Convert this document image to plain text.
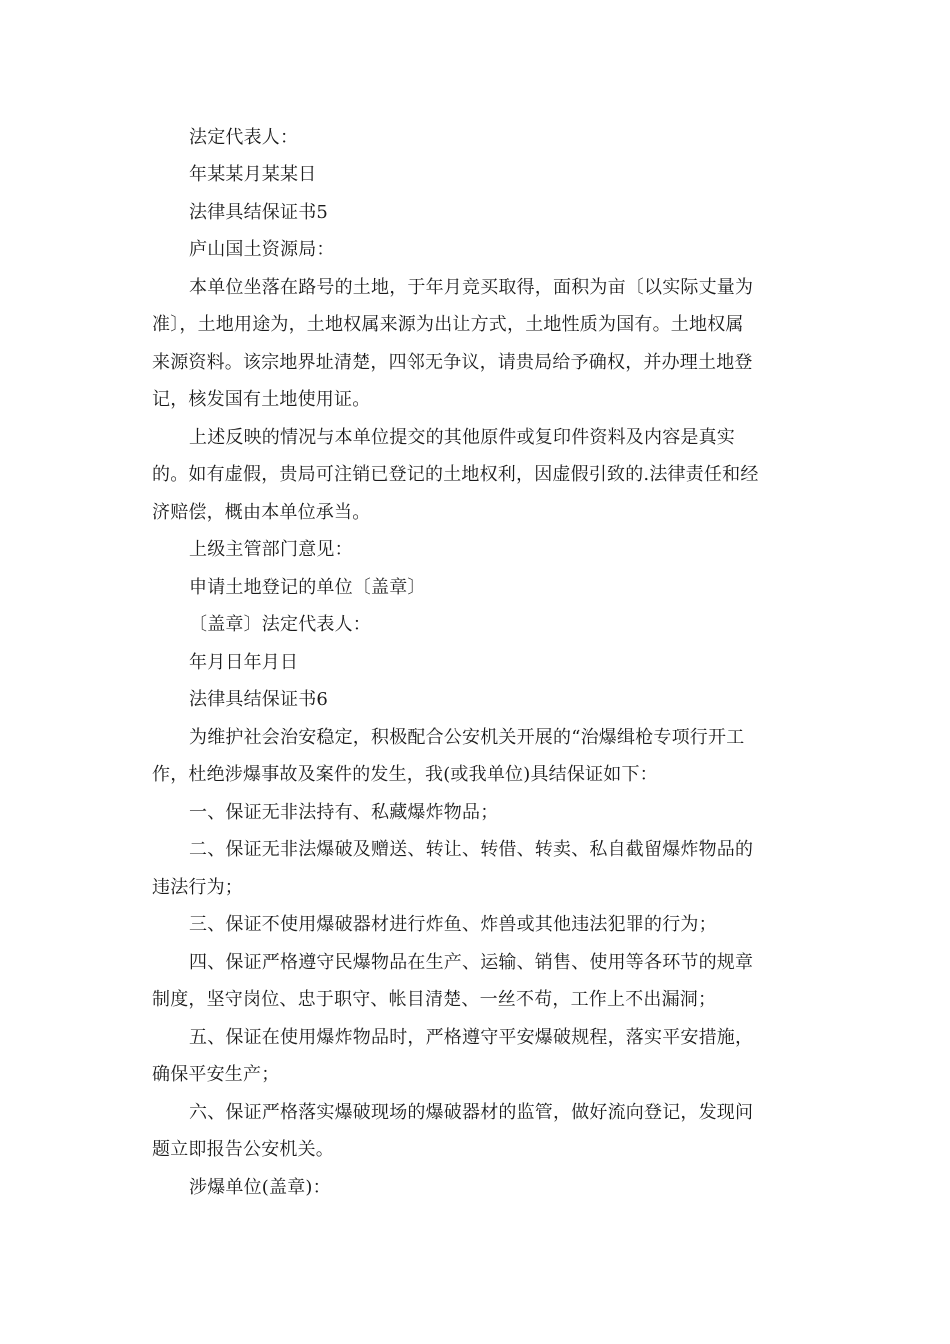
法定代表人：
年某某月某某日
法律具结保证书5
庐山国土资源局：
本单位坐落在路号的土地，于年月竞买取得，面积为亩〔以实际丈量为
准〕，土地用途为，土地权属来源为出让方式，土地性质为国有。土地权属
来源资料。该宗地界址清楚，四邻无争议，请贵局给予确权，并办理土地登
记，核发国有土地使用证。
上述反映的情况与本单位提交的其他原件或复印件资料及内容是真实
的。如有虚假，贵局可注销已登记的土地权利，因虚假引致的.法律责任和经
济赔偿，概由本单位承当。
上级主管部门意见：
申请土地登记的单位〔盖章〕
〔盖章〕法定代表人：
年月日年月日
法律具结保证书6
为维护社会治安稳定，积极配合公安机关开展的“治爆缉枪专项行开工
作，杜绝涉爆事故及案件的发生，我(或我单位)具结保证如下：
一、保证无非法持有、私藏爆炸物品；
二、保证无非法爆破及赠送、转让、转借、转卖、私自截留爆炸物品的
违法行为；
三、保证不使用爆破器材进行炸鱼、炸兽或其他违法犯罪的行为；
四、保证严格遵守民爆物品在生产、运输、销售、使用等各环节的规章
制度，坚守岗位、忠于职守、帐目清楚、一丝不苟，工作上不出漏洞；
五、保证在使用爆炸物品时，严格遵守平安爆破规程，落实平安措施，
确保平安生产；
六、保证严格落实爆破现场的爆破器材的监管，做好流向登记，发现问
题立即报告公安机关。
涉爆单位(盖章)：
